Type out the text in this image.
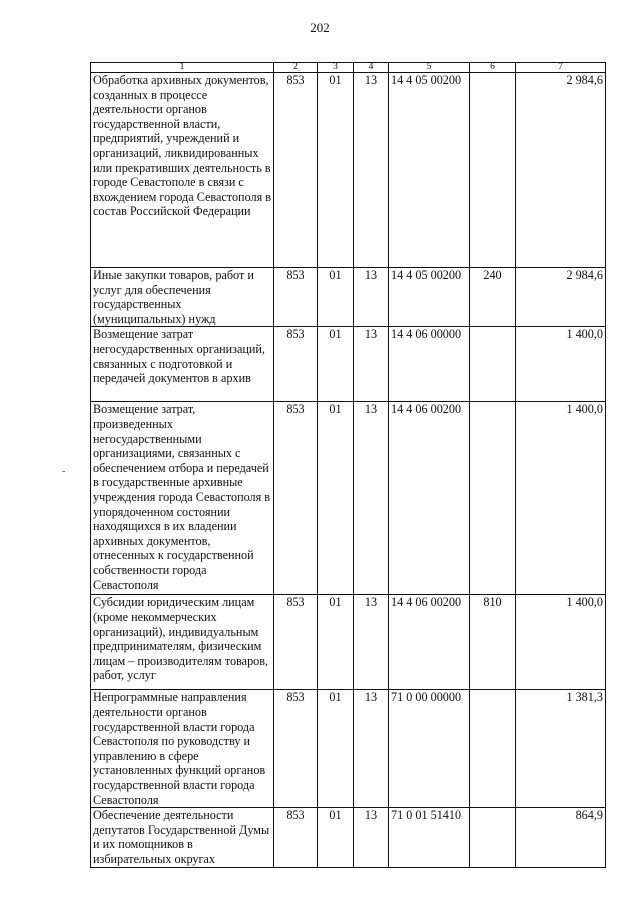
202
1	2	3	4	5	6	7
Обработка архивных документов, созданных в процессе деятельности органов государственной власти, предприятий, учреждений и организаций, ликвидированных или прекративших деятельность в городе Севастополе в связи с вхождением города Севастополя в состав Российской Федерации	853	01	13	14 4 05 00200		2 984,6
Иные закупки товаров, работ и услуг для обеспечения государственных (муниципальных) нужд	853	01	13	14 4 05 00200	240	2 984,6
Возмещение затрат негосударственных организаций, связанных с подготовкой и передачей документов в архив	853	01	13	14 4 06 00000		1 400,0
Возмещение затрат, произведенных негосударственными организациями, связанных с обеспечением отбора и передачей в государственные архивные учреждения города Севастополя в упорядоченном состоянии находящихся в их владении архивных документов, отнесенных к государственной собственности города Севастополя	853	01	13	14 4 06 00200		1 400,0
Субсидии юридическим лицам (кроме некоммерческих организаций), индивидуальным предпринимателям, физическим лицам – производителям товаров, работ, услуг	853	01	13	14 4 06 00200	810	1 400,0
Непрограммные направления деятельности органов государственной власти города Севастополя по руководству и управлению в сфере установленных функций органов государственной власти города Севастополя	853	01	13	71 0 00 00000		1 381,3
Обеспечение деятельности депутатов Государственной Думы и их помощников в избирательных округах	853	01	13	71 0 01 51410		864,9
-
